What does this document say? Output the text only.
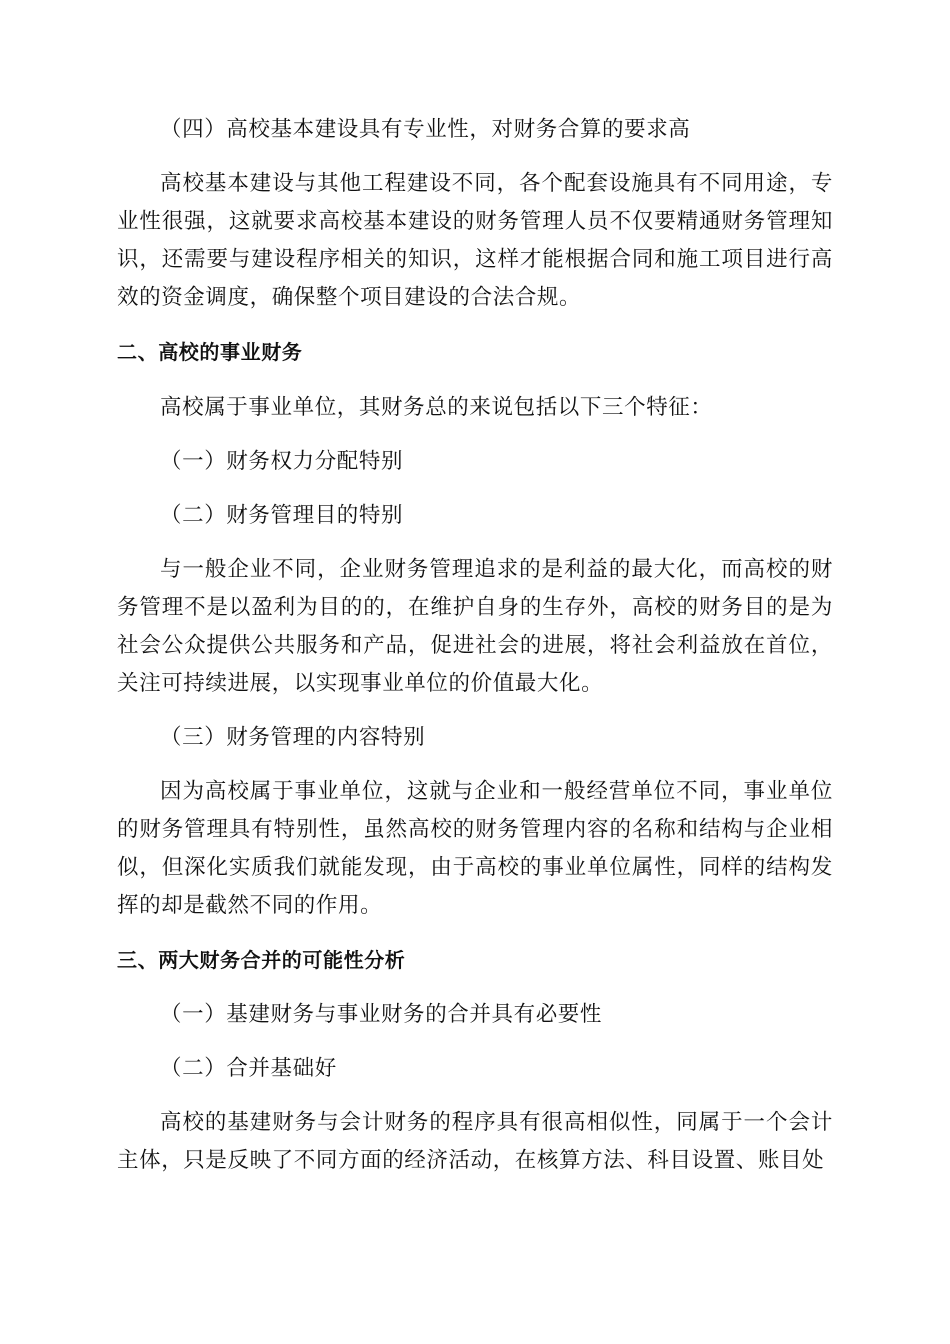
（四）高校基本建设具有专业性，对财务合算的要求高

高校基本建设与其他工程建设不同，各个配套设施具有不同用途，专业性很强，这就要求高校基本建设的财务管理人员不仅要精通财务管理知识，还需要与建设程序相关的知识，这样才能根据合同和施工项目进行高效的资金调度，确保整个项目建设的合法合规。

二、高校的事业财务

高校属于事业单位，其财务总的来说包括以下三个特征：

（一）财务权力分配特别

（二）财务管理目的特别

与一般企业不同，企业财务管理追求的是利益的最大化，而高校的财务管理不是以盈利为目的的，在维护自身的生存外，高校的财务目的是为社会公众提供公共服务和产品，促进社会的进展，将社会利益放在首位，关注可持续进展，以实现事业单位的价值最大化。

（三）财务管理的内容特别

因为高校属于事业单位，这就与企业和一般经营单位不同，事业单位的财务管理具有特别性，虽然高校的财务管理内容的名称和结构与企业相似，但深化实质我们就能发现，由于高校的事业单位属性，同样的结构发挥的却是截然不同的作用。

三、两大财务合并的可能性分析

（一）基建财务与事业财务的合并具有必要性

（二）合并基础好

高校的基建财务与会计财务的程序具有很高相似性，同属于一个会计主体，只是反映了不同方面的经济活动，在核算方法、科目设置、账目处
